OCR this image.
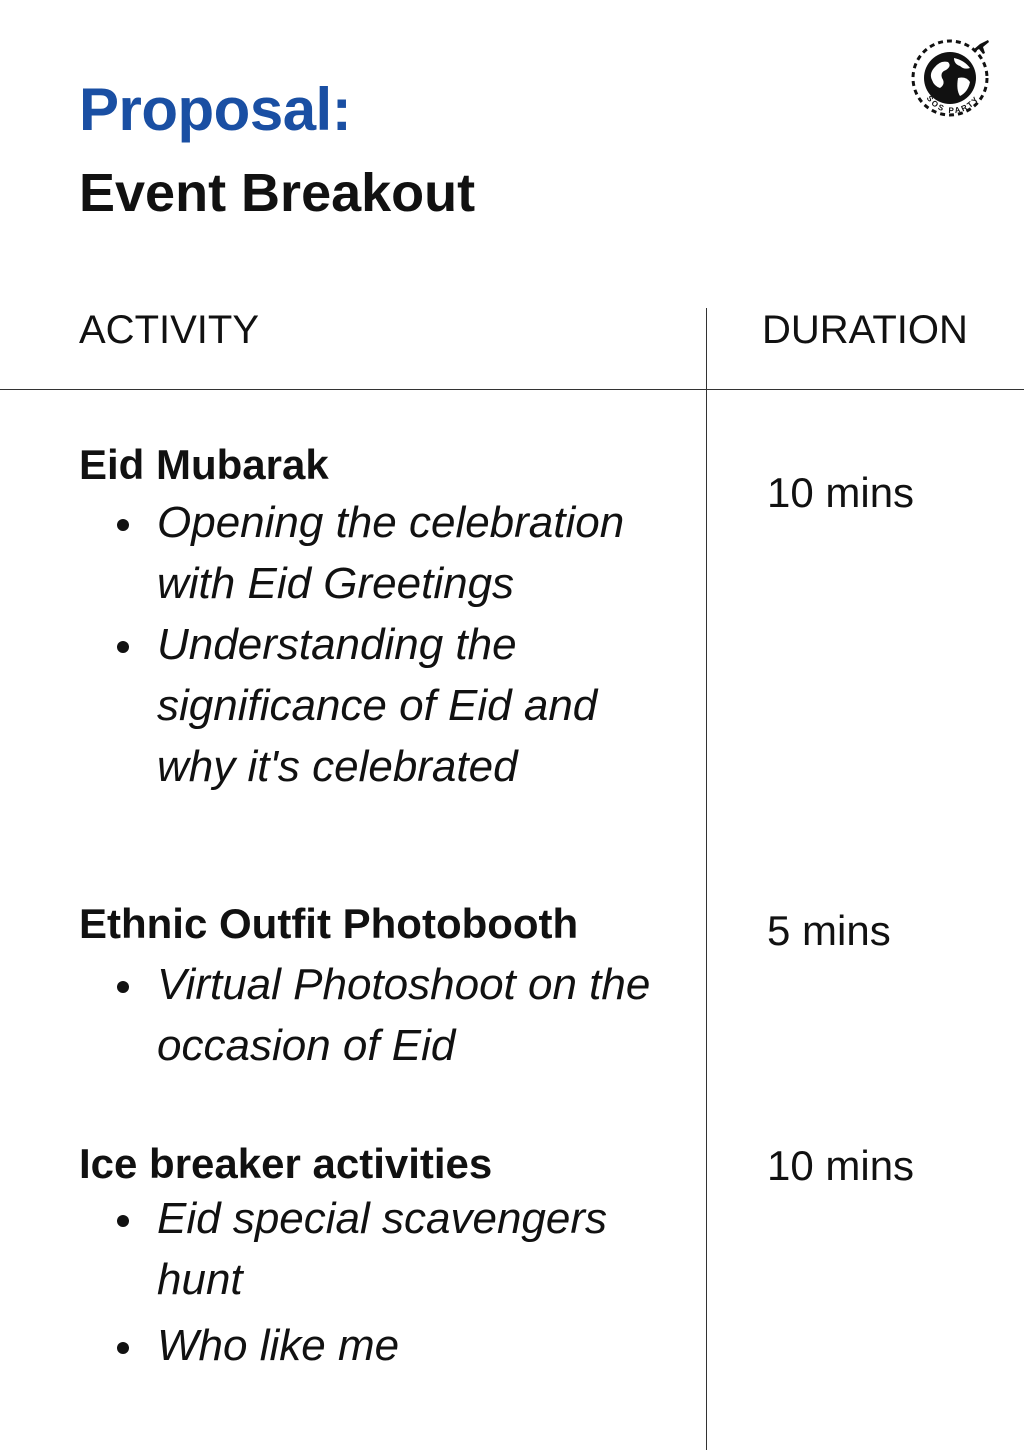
Proposal:
Event Breakout
SOS PARTY
ACTIVITY	DURATION

Eid Mubarak

Opening the celebration with Eid Greetings
Understanding the significance of Eid and why it's celebrated
10 mins

Ethnic Outfit Photobooth

Virtual Photoshoot on the occasion of Eid
5 mins

Ice breaker activities

Eid special scavengers hunt
Who like me
10 mins
